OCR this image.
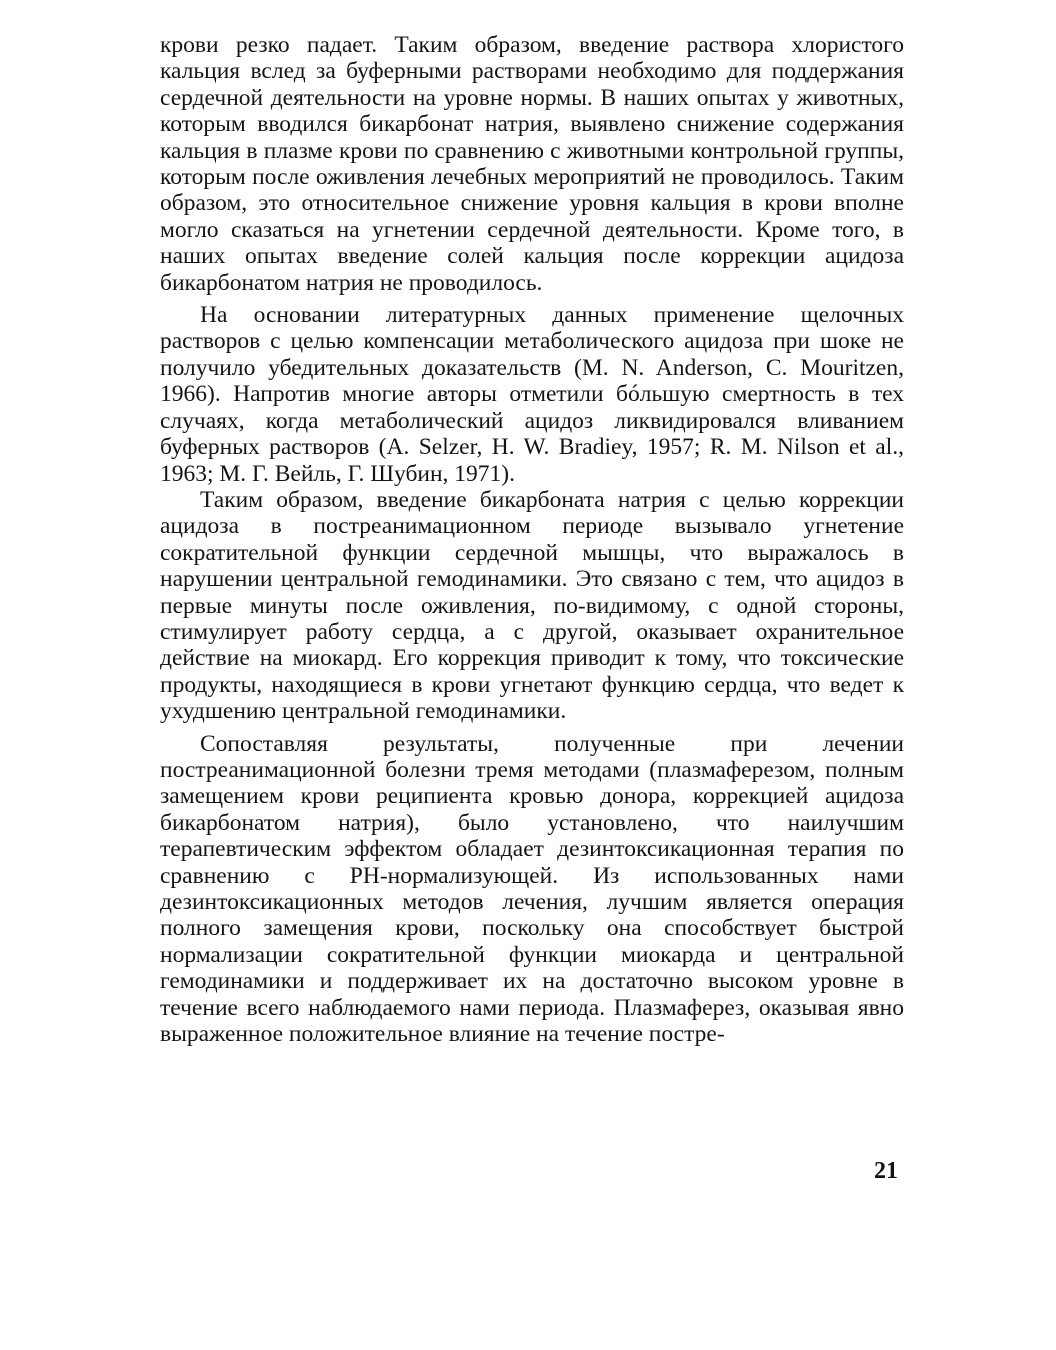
крови резко падает. Таким образом, введение раствора хлористого кальция вслед за буферными растворами необходимо для поддержания сердечной деятельности на уровне нормы. В наших опытах у животных, которым вводился бикарбонат натрия, выявлено снижение содержания кальция в плазме крови по сравнению с животными контрольной группы, которым после оживления лечебных мероприятий не проводилось. Таким образом, это относительное снижение уровня кальция в крови вполне могло сказаться на угнетении сердечной деятельности. Кроме того, в наших опытах введение солей кальция после коррекции ацидоза бикарбонатом натрия не проводилось.

На основании литературных данных применение щелочных растворов с целью компенсации метаболического ацидоза при шоке не получило убедительных доказательств (M. N. Anderson, C. Mouritzen, 1966). Напротив многие авторы отметили бóльшую смертность в тех случаях, когда метаболический ацидоз ликвидировался вливанием буферных растворов (A. Selzer, H. W. Bradiey, 1957; R. M. Nilson et al., 1963; М. Г. Вейль, Г. Шубин, 1971).

Таким образом, введение бикарбоната натрия с целью коррекции ацидоза в постреанимационном периоде вызывало угнетение сократительной функции сердечной мышцы, что выражалось в нарушении центральной гемодинамики. Это связано с тем, что ацидоз в первые минуты после оживления, по-видимому, с одной стороны, стимулирует работу сердца, а с другой, оказывает охранительное действие на миокард. Его коррекция приводит к тому, что токсические продукты, находящиеся в крови угнетают функцию сердца, что ведет к ухудшению центральной гемодинамики.

Сопоставляя результаты, полученные при лечении постреанимационной болезни тремя методами (плазмаферезом, полным замещением крови реципиента кровью донора, коррекцией ацидоза бикарбонатом натрия), было установлено, что наилучшим терапевтическим эффектом обладает дезинтоксикационная терапия по сравнению с PH-нормализующей. Из использованных нами дезинтоксикационных методов лечения, лучшим является операция полного замещения крови, поскольку она способствует быстрой нормализации сократительной функции миокарда и центральной гемодинамики и поддерживает их на достаточно высоком уровне в течение всего наблюдаемого нами периода. Плазмаферез, оказывая явно выраженное положительное влияние на течение постре-

21
